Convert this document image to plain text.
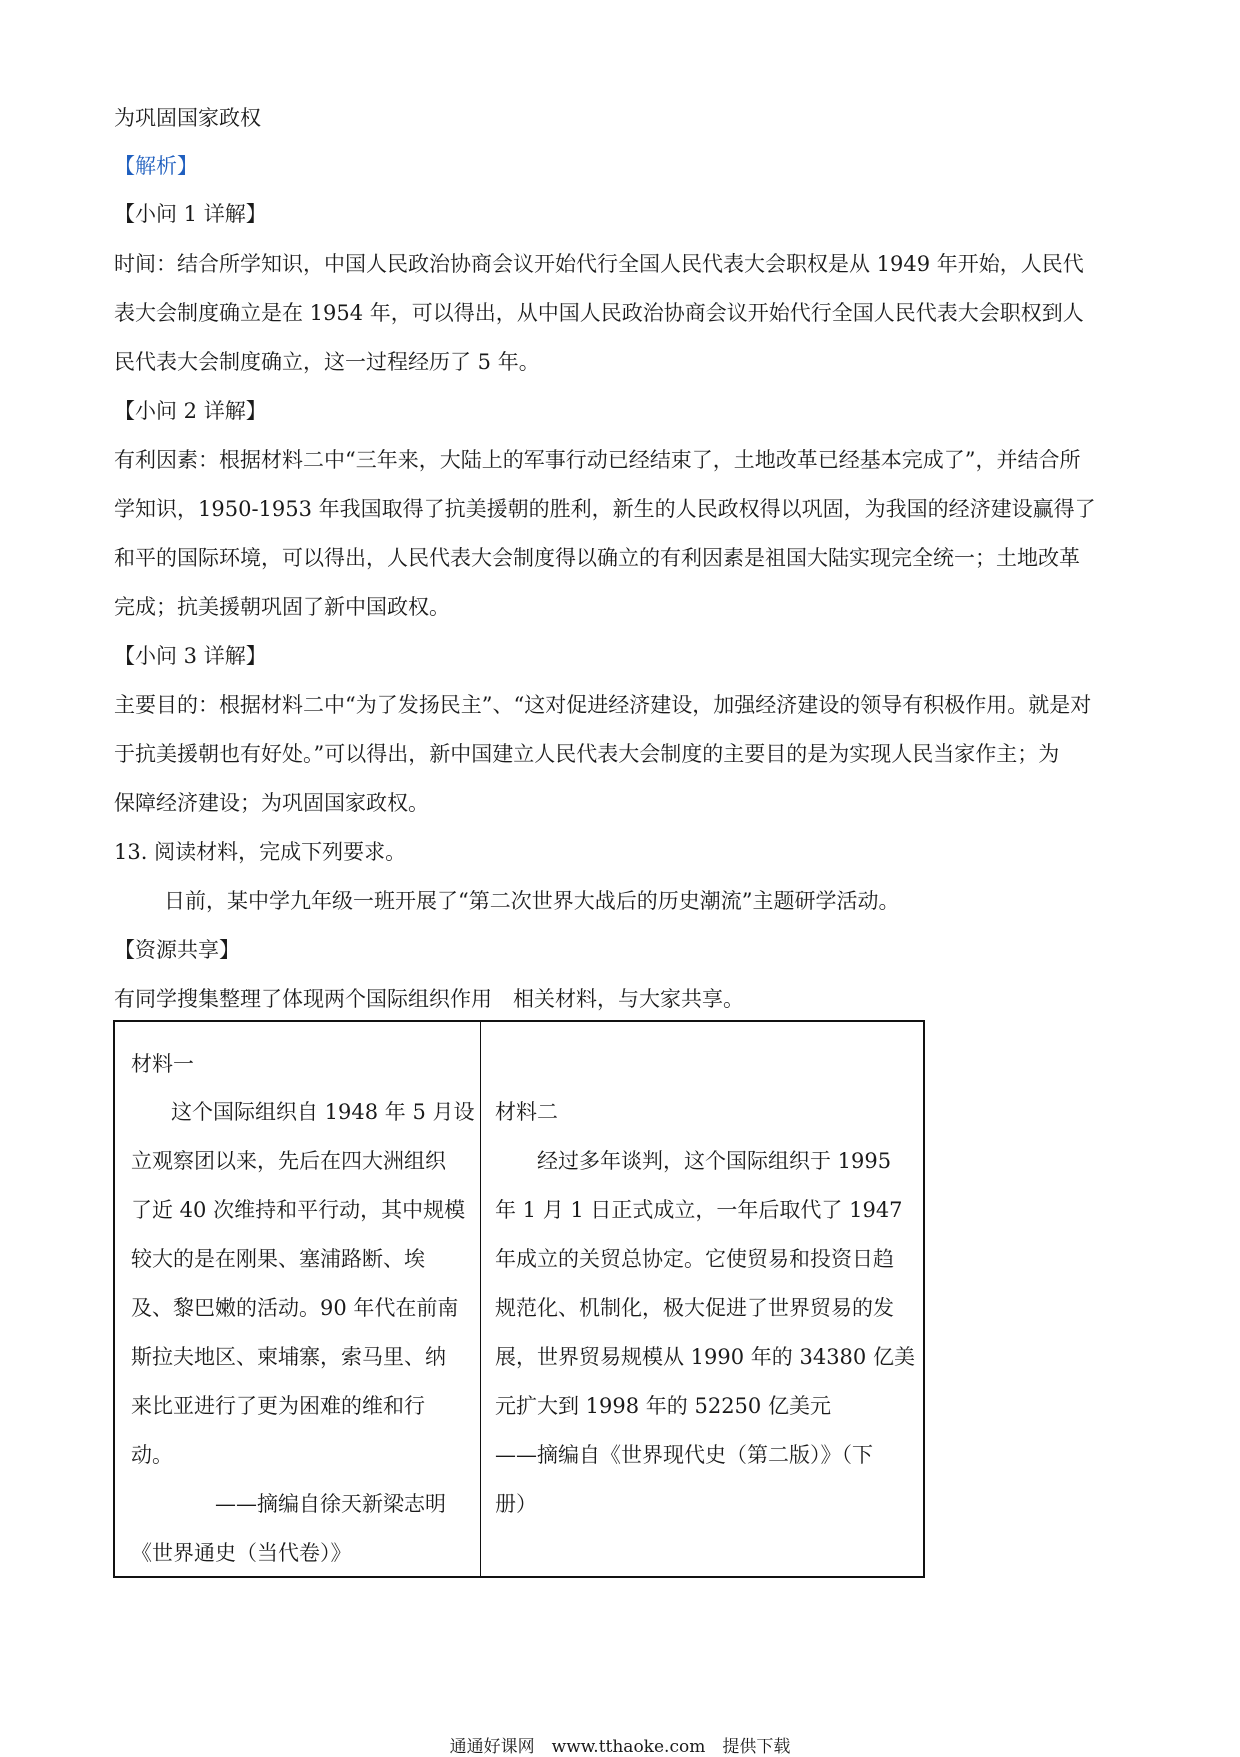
为巩固国家政权
【解析】
【小问 1 详解】
时间：结合所学知识，中国人民政治协商会议开始代行全国人民代表大会职权是从 1949 年开始，人民代
表大会制度确立是在 1954 年，可以得出，从中国人民政治协商会议开始代行全国人民代表大会职权到人
民代表大会制度确立，这一过程经历了 5 年。
【小问 2 详解】
有利因素：根据材料二中“三年来，大陆上的军事行动已经结束了，土地改革已经基本完成了”，并结合所
学知识，1950-1953 年我国取得了抗美援朝的胜利，新生的人民政权得以巩固，为我国的经济建设赢得了
和平的国际环境，可以得出，人民代表大会制度得以确立的有利因素是祖国大陆实现完全统一；土地改革
完成；抗美援朝巩固了新中国政权。
【小问 3 详解】
主要目的：根据材料二中“为了发扬民主”、“这对促进经济建设，加强经济建设的领导有积极作用。就是对
于抗美援朝也有好处。”可以得出，新中国建立人民代表大会制度的主要目的是为实现人民当家作主；为
保障经济建设；为巩固国家政权。
13. 阅读材料，完成下列要求。
日前，某中学九年级一班开展了“第二次世界大战后的历史潮流”主题研学活动。
【资源共享】
有同学搜集整理了体现两个国际组织作用　相关材料，与大家共享。
材料一
这个国际组织自 1948 年 5 月设
立观察团以来，先后在四大洲组织
了近 40 次维持和平行动，其中规模
较大的是在刚果、塞浦路断、埃
及、黎巴嫩的活动。90 年代在前南
斯拉夫地区、柬埔寨，索马里、纳
来比亚进行了更为困难的维和行
动。
——摘编自徐天新梁志明
《世界通史（当代卷）》

材料二
经过多年谈判，这个国际组织于 1995
年 1 月 1 日正式成立，一年后取代了 1947
年成立的关贸总协定。它使贸易和投资日趋
规范化、机制化，极大促进了世界贸易的发
展，世界贸易规模从 1990 年的 34380 亿美
元扩大到 1998 年的 52250 亿美元
——摘编自《世界现代史（第二版）》（下
册）
通通好课网　www.tthaoke.com　提供下载
